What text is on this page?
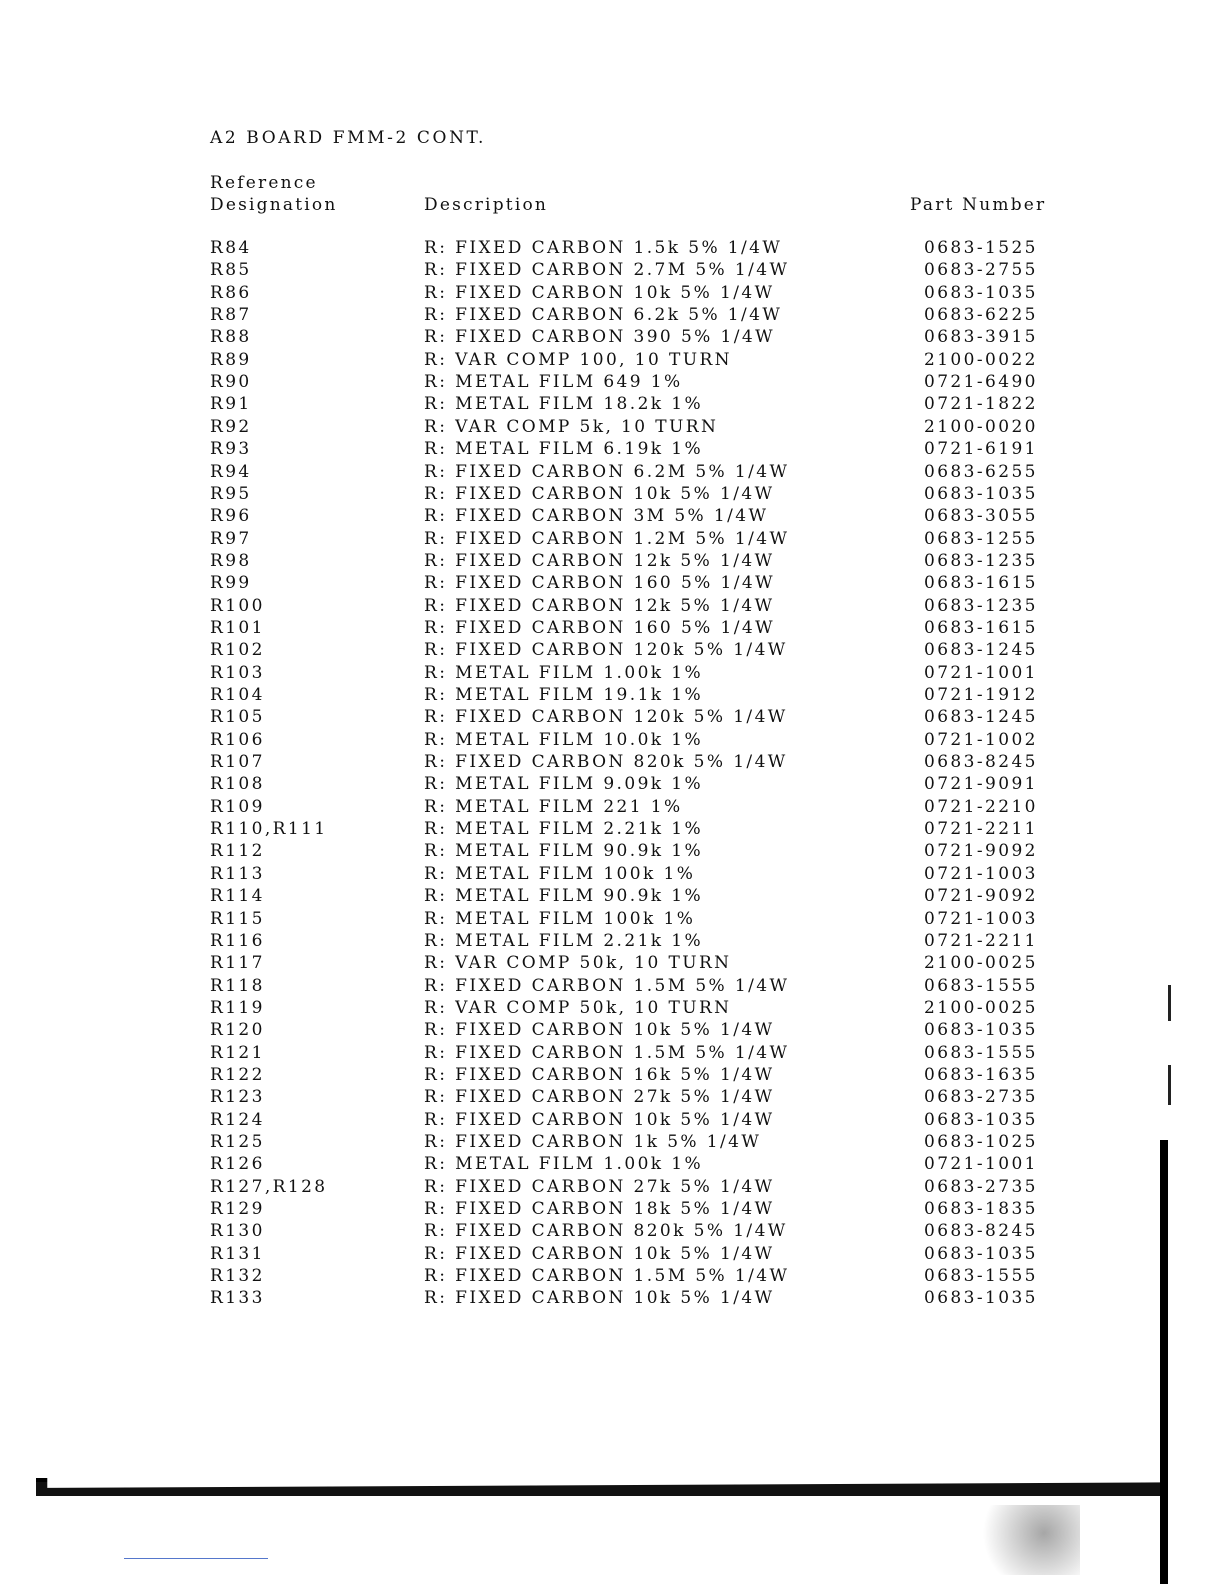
A2 BOARD FMM-2 CONT.
Reference
Designation	Description	Part Number
R84	R: FIXED CARBON 1.5k 5% 1/4W	0683-1525
R85	R: FIXED CARBON 2.7M 5% 1/4W	0683-2755
R86	R: FIXED CARBON 10k 5% 1/4W	0683-1035
R87	R: FIXED CARBON 6.2k 5% 1/4W	0683-6225
R88	R: FIXED CARBON 390 5% 1/4W	0683-3915
R89	R: VAR COMP 100, 10 TURN	2100-0022
R90	R: METAL FILM 649 1%	0721-6490
R91	R: METAL FILM 18.2k 1%	0721-1822
R92	R: VAR COMP 5k, 10 TURN	2100-0020
R93	R: METAL FILM 6.19k 1%	0721-6191
R94	R: FIXED CARBON 6.2M 5% 1/4W	0683-6255
R95	R: FIXED CARBON 10k 5% 1/4W	0683-1035
R96	R: FIXED CARBON 3M 5% 1/4W	0683-3055
R97	R: FIXED CARBON 1.2M 5% 1/4W	0683-1255
R98	R: FIXED CARBON 12k 5% 1/4W	0683-1235
R99	R: FIXED CARBON 160 5% 1/4W	0683-1615
R100	R: FIXED CARBON 12k 5% 1/4W	0683-1235
R101	R: FIXED CARBON 160 5% 1/4W	0683-1615
R102	R: FIXED CARBON 120k 5% 1/4W	0683-1245
R103	R: METAL FILM 1.00k 1%	0721-1001
R104	R: METAL FILM 19.1k 1%	0721-1912
R105	R: FIXED CARBON 120k 5% 1/4W	0683-1245
R106	R: METAL FILM 10.0k 1%	0721-1002
R107	R: FIXED CARBON 820k 5% 1/4W	0683-8245
R108	R: METAL FILM 9.09k 1%	0721-9091
R109	R: METAL FILM 221 1%	0721-2210
R110,R111	R: METAL FILM 2.21k 1%	0721-2211
R112	R: METAL FILM 90.9k 1%	0721-9092
R113	R: METAL FILM 100k 1%	0721-1003
R114	R: METAL FILM 90.9k 1%	0721-9092
R115	R: METAL FILM 100k 1%	0721-1003
R116	R: METAL FILM 2.21k 1%	0721-2211
R117	R: VAR COMP 50k, 10 TURN	2100-0025
R118	R: FIXED CARBON 1.5M 5% 1/4W	0683-1555
R119	R: VAR COMP 50k, 10 TURN	2100-0025
R120	R: FIXED CARBON 10k 5% 1/4W	0683-1035
R121	R: FIXED CARBON 1.5M 5% 1/4W	0683-1555
R122	R: FIXED CARBON 16k 5% 1/4W	0683-1635
R123	R: FIXED CARBON 27k 5% 1/4W	0683-2735
R124	R: FIXED CARBON 10k 5% 1/4W	0683-1035
R125	R: FIXED CARBON 1k 5% 1/4W	0683-1025
R126	R: METAL FILM 1.00k 1%	0721-1001
R127,R128	R: FIXED CARBON 27k 5% 1/4W	0683-2735
R129	R: FIXED CARBON 18k 5% 1/4W	0683-1835
R130	R: FIXED CARBON 820k 5% 1/4W	0683-8245
R131	R: FIXED CARBON 10k 5% 1/4W	0683-1035
R132	R: FIXED CARBON 1.5M 5% 1/4W	0683-1555
R133	R: FIXED CARBON 10k 5% 1/4W	0683-1035
